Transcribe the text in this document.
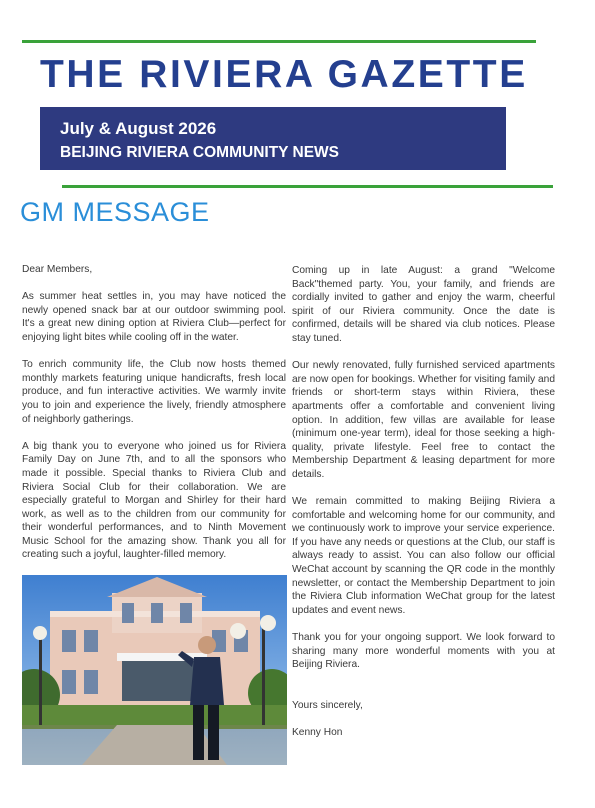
THE RIVIERA GAZETTE
July & August 2026
BEIJING RIVIERA COMMUNITY NEWS
GM MESSAGE

Dear Members,

As summer heat settles in, you may have noticed the newly opened snack bar at our outdoor swimming pool. It's a great new dining option at Riviera Club—perfect for enjoying light bites while cooling off in the water.

To enrich community life, the Club now hosts themed monthly markets featuring unique handicrafts, fresh local produce, and fun interactive activities. We warmly invite you to join and experience the lively, friendly atmosphere of neighborly gatherings.

A big thank you to everyone who joined us for Riviera Family Day on June 7th, and to all the sponsors who made it possible. Special thanks to Riviera Club and Riviera Social Club for their collaboration. We are especially grateful to Morgan and Shirley for their hard work, as well as to the children from our community for their wonderful performances, and to Ninth Movement Music School for the amazing show. Thank you all for creating such a joyful, laughter-filled memory.

Coming up in late August: a grand "Welcome Back"themed party. You, your family, and friends are cordially invited to gather and enjoy the warm, cheerful spirit of our Riviera community. Once the date is confirmed, details will be shared via club notices. Please stay tuned.

Our newly renovated, fully furnished serviced apartments are now open for bookings. Whether for visiting family and friends or short-term stays within Riviera, these apartments offer a comfortable and convenient living option. In addition, few villas are available for lease (minimum one-year term), ideal for those seeking a high-quality, private lifestyle. Feel free to contact the Membership Department & leasing department for more details.

We remain committed to making Beijing Riviera a comfortable and welcoming home for our community, and we continuously work to improve your service experience. If you have any needs or questions at the Club, our staff is always ready to assist. You can also follow our official WeChat account by scanning the QR code in the monthly newsletter, or contact the Membership Department to join the Riviera Club information WeChat group for the latest updates and event news.

Thank you for your ongoing support. We look forward to sharing many more wonderful moments with you at Beijing Riviera.

Yours sincerely,

Kenny Hon
